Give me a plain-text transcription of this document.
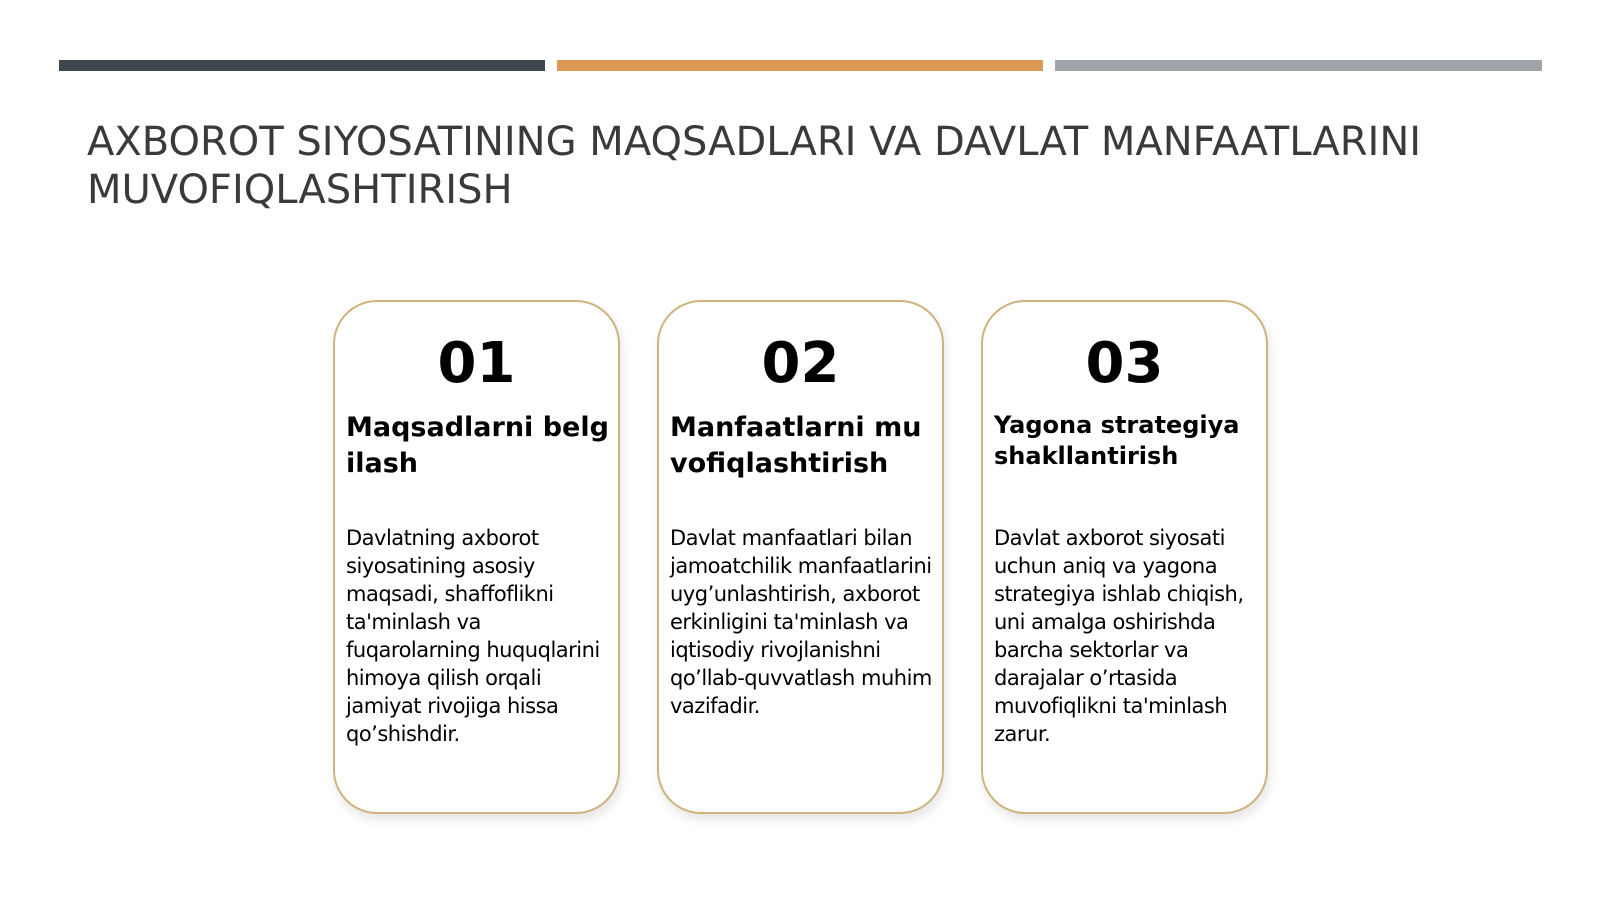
AXBOROT SIYOSATINING MAQSADLARI VA DAVLAT MANFAATLARINI
MUVOFIQLASHTIRISH
01
Maqsadlarni belgilash
Davlatning axborot siyosatining asosiy maqsadi, shaffoflikni ta'minlash va fuqarolarning huquqlarini himoya qilish orqali jamiyat rivojiga hissa qo’shishdir.
02
Manfaatlarni muvofiqlashtirish
Davlat manfaatlari bilan jamoatchilik manfaatlarini uyg’unlashtirish, axborot erkinligini ta'minlash va iqtisodiy rivojlanishni qo’llab-quvvatlash muhim vazifadir.
03
Yagona strategiya shakllantirish
Davlat axborot siyosati uchun aniq va yagona strategiya ishlab chiqish, uni amalga oshirishda barcha sektorlar va darajalar o’rtasida muvofiqlikni ta'minlash zarur.
